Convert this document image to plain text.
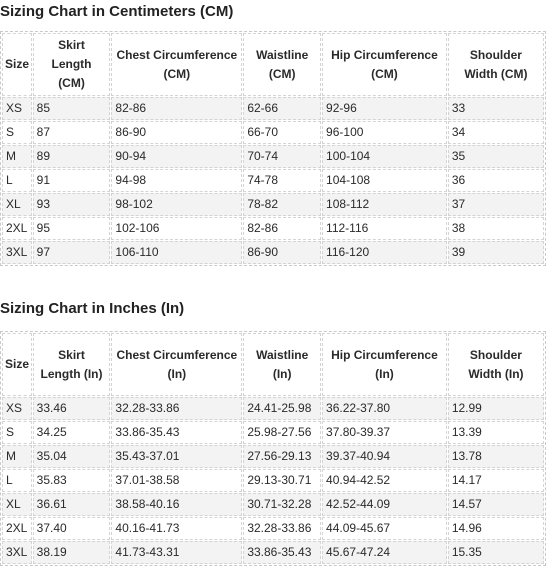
Sizing Chart in Centimeters (CM)
Size	Skirt Length (CM)	Chest Circumference (CM)	Waistline (CM)	Hip Circumference (CM)	Shoulder Width (CM)
XS	85	82-86	62-66	92-96	33
S	87	86-90	66-70	96-100	34
M	89	90-94	70-74	100-104	35
L	91	94-98	74-78	104-108	36
XL	93	98-102	78-82	108-112	37
2XL	95	102-106	82-86	112-116	38
3XL	97	106-110	86-90	116-120	39
Sizing Chart in Inches (In)
Size	Skirt Length (In)	Chest Circumference (In)	Waistline (In)	Hip Circumference (In)	Shoulder Width (In)
XS	33.46	32.28-33.86	24.41-25.98	36.22-37.80	12.99
S	34.25	33.86-35.43	25.98-27.56	37.80-39.37	13.39
M	35.04	35.43-37.01	27.56-29.13	39.37-40.94	13.78
L	35.83	37.01-38.58	29.13-30.71	40.94-42.52	14.17
XL	36.61	38.58-40.16	30.71-32.28	42.52-44.09	14.57
2XL	37.40	40.16-41.73	32.28-33.86	44.09-45.67	14.96
3XL	38.19	41.73-43.31	33.86-35.43	45.67-47.24	15.35
